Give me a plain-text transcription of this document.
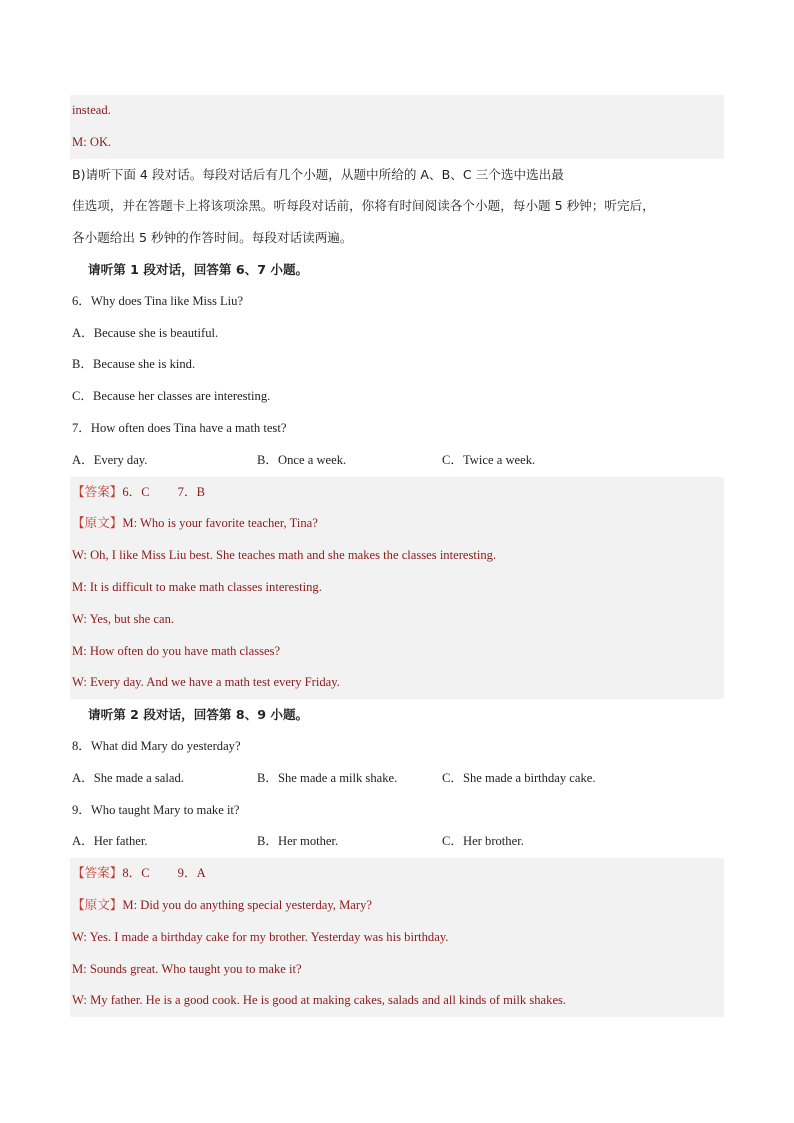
instead.
M: OK.
B)请听下面 4 段对话。每段对话后有几个小题，从题中所给的 A、B、C 三个选中选出最
佳选项，并在答题卡上将该项涂黑。听每段对话前，你将有时间阅读各个小题，每小题 5 秒钟；听完后，
各小题给出 5 秒钟的作答时间。每段对话读两遍。
请听第 1 段对话，回答第 6、7 小题。
6．Why does Tina like Miss Liu?
A．Because she is beautiful.
B．Because she is kind.
C．Because her classes are interesting.
7．How often does Tina have a math test?
A．Every day.	B．Once a week.	C．Twice a week.
【答案】6．C 7．B
【原文】M: Who is your favorite teacher, Tina?
W: Oh, I like Miss Liu best. She teaches math and she makes the classes interesting.
M: It is difficult to make math classes interesting.
W: Yes, but she can.
M: How often do you have math classes?
W: Every day. And we have a math test every Friday.
请听第 2 段对话，回答第 8、9 小题。
8．What did Mary do yesterday?
A．She made a salad.	B．She made a milk shake.	C．She made a birthday cake.
9．Who taught Mary to make it?
A．Her father.	B．Her mother.	C．Her brother.
【答案】8．C 9．A
【原文】M: Did you do anything special yesterday, Mary?
W: Yes. I made a birthday cake for my brother. Yesterday was his birthday.
M: Sounds great. Who taught you to make it?
W: My father. He is a good cook. He is good at making cakes, salads and all kinds of milk shakes.
